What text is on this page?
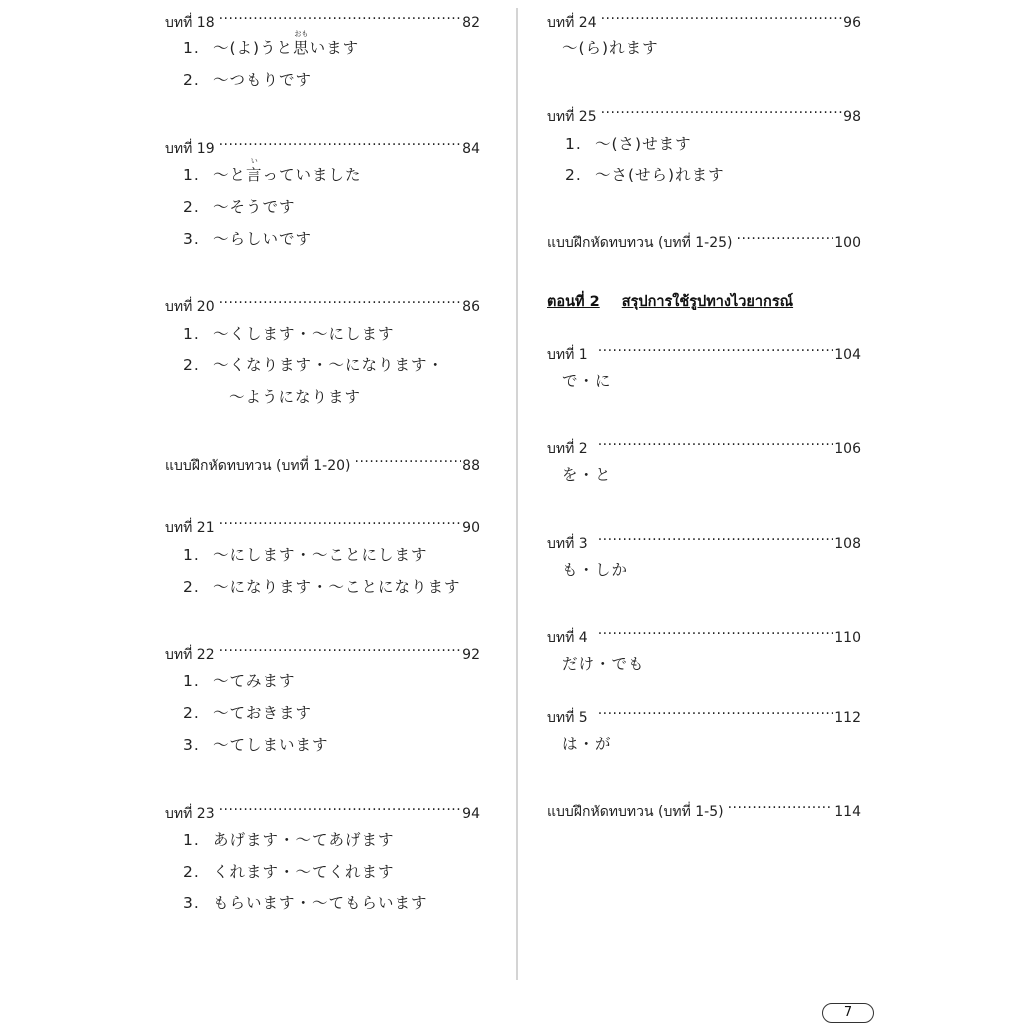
บทที่ 18 .....	82
1. ～(よ)うと
おも
思います
2. ～つもりです
บทที่ 19 .....	84
1. ～と
い
言っていました
2. ～そうです
3. ～らしいです
บทที่ 20 .....	86
1. ～くします・～にします
2. ～くなります・～になります・
～ようになります
แบบฝึกหัดทบทวน (บทที่ 1-20) .....	88
บทที่ 21 .....	90
1. ～にします・～ことにします
2. ～になります・～ことになります
บทที่ 22 .....	92
1. ～てみます
2. ～ておきます
3. ～てしまいます
บทที่ 23 .....	94
1. あげます・～てあげます
2. くれます・～てくれます
3. もらいます・～てもらいます
บทที่ 24 .....	96
～(ら)れます
บทที่ 25 .....	98
1. ～(さ)せます
2. ～さ(せら)れます
แบบฝึกหัดทบทวน (บทที่ 1-25) .....	100
ตอนที่ 2 สรุปการใช้รูปทางไวยากรณ์
บทที่ 1 .....	104
で・に
บทที่ 2 .....	106
を・と
บทที่ 3 .....	108
も・しか
บทที่ 4 .....	110
だけ・でも
บทที่ 5 .....	112
は・が
แบบฝึกหัดทบทวน (บทที่ 1-5) .....	114
7
